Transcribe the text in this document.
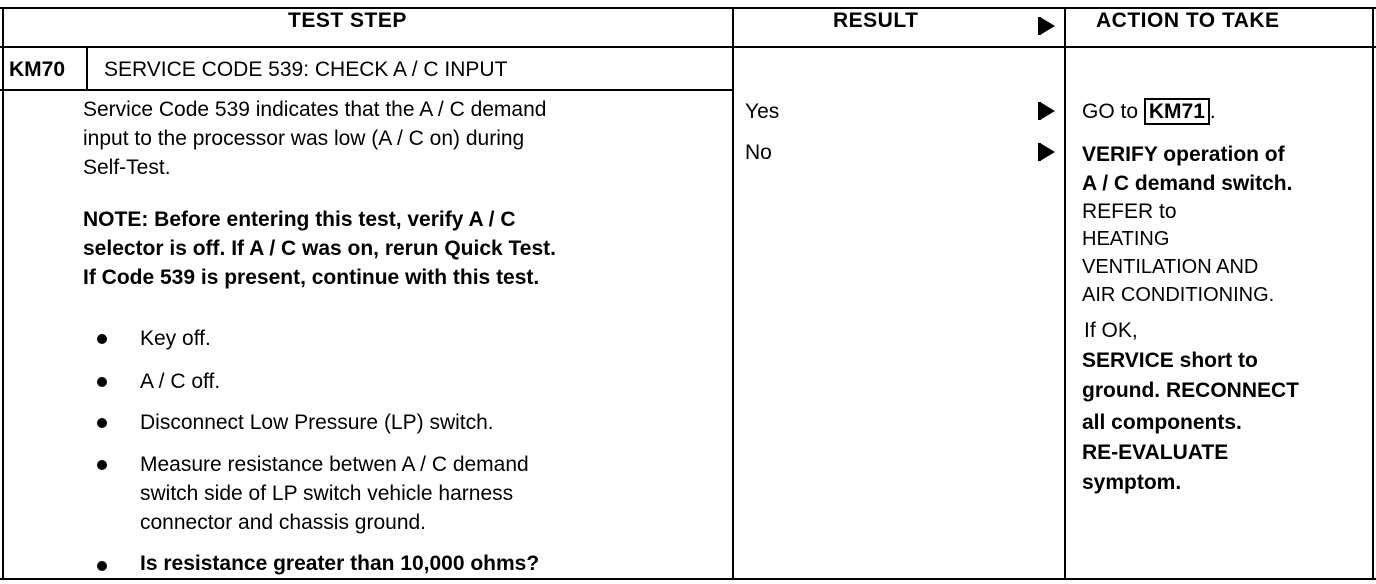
TEST STEP	RESULT	ACTION TO TAKE
KM70 SERVICE CODE 539: CHECK A / C INPUT
Service Code 539 indicates that the A / C demand
input to the processor was low (A / C on) during
Self-Test.
NOTE: Before entering this test, verify A / C
selector is off. If A / C was on, rerun Quick Test.
If Code 539 is present, continue with this test.
Key off.
A / C off.
Disconnect Low Pressure (LP) switch.
Measure resistance betwen A / C demand
switch side of LP switch vehicle harness
connector and chassis ground.
Is resistance greater than 10,000 ohms?
Yes
No
GO to KM71 .
VERIFY operation of
A / C demand switch.
REFER to
HEATING
VENTILATION AND
AIR CONDITIONING.
If OK,
SERVICE short to
ground. RECONNECT
all components.
RE-EVALUATE
symptom.
